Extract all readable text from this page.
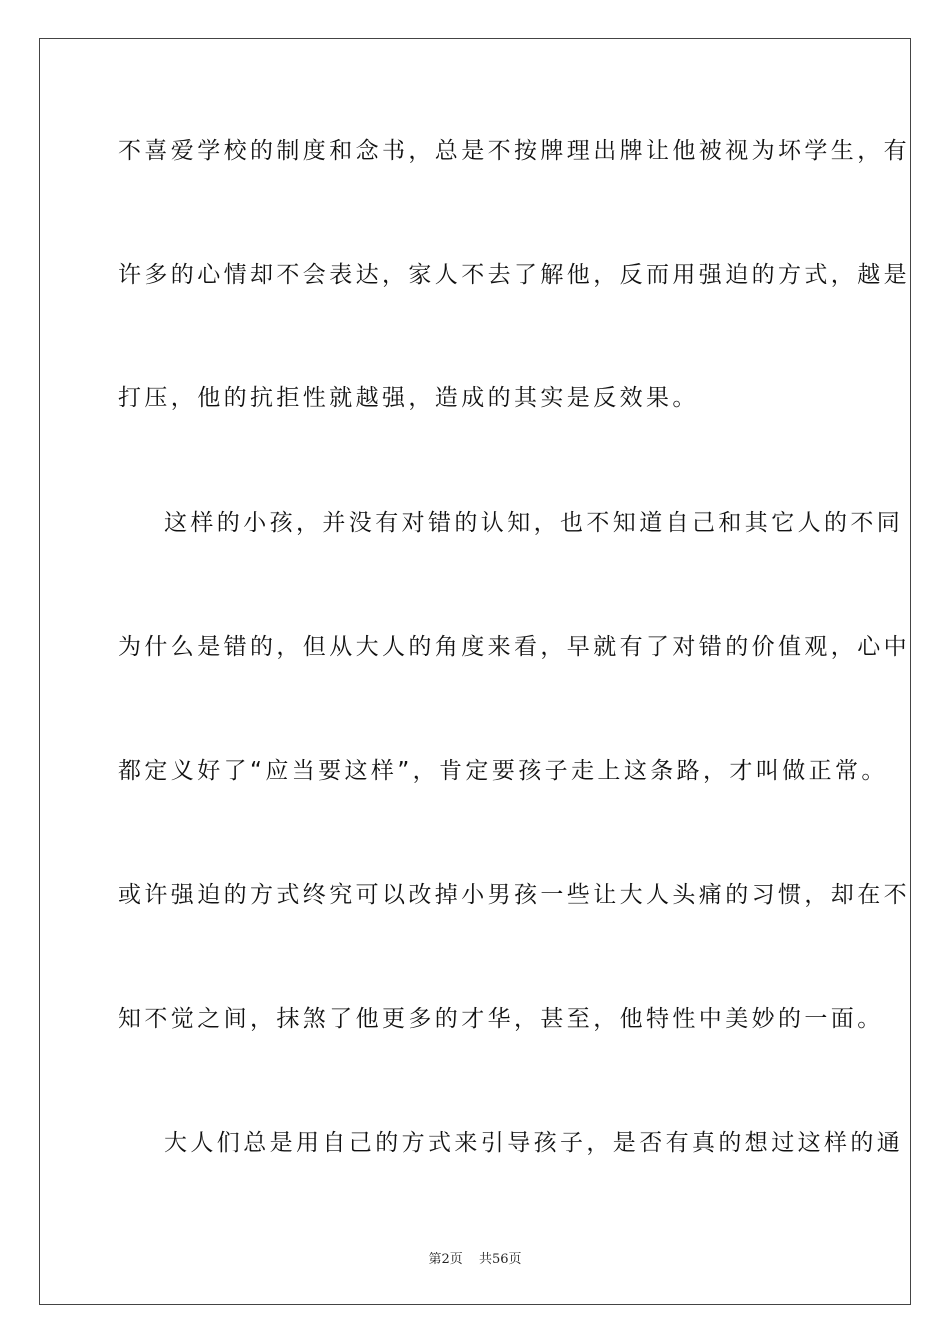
不喜爱学校的制度和念书，总是不按牌理出牌让他被视为坏学生，有
许多的心情却不会表达，家人不去了解他，反而用强迫的方式，越是
打压，他的抗拒性就越强，造成的其实是反效果。
这样的小孩，并没有对错的认知，也不知道自己和其它人的不同
为什么是错的，但从大人的角度来看，早就有了对错的价值观，心中
都定义好了“应当要这样”，肯定要孩子走上这条路，才叫做正常。
或许强迫的方式终究可以改掉小男孩一些让大人头痛的习惯，却在不
知不觉之间，抹煞了他更多的才华，甚至，他特性中美妙的一面。
大人们总是用自己的方式来引导孩子，是否有真的想过这样的通
第2页 共56页
